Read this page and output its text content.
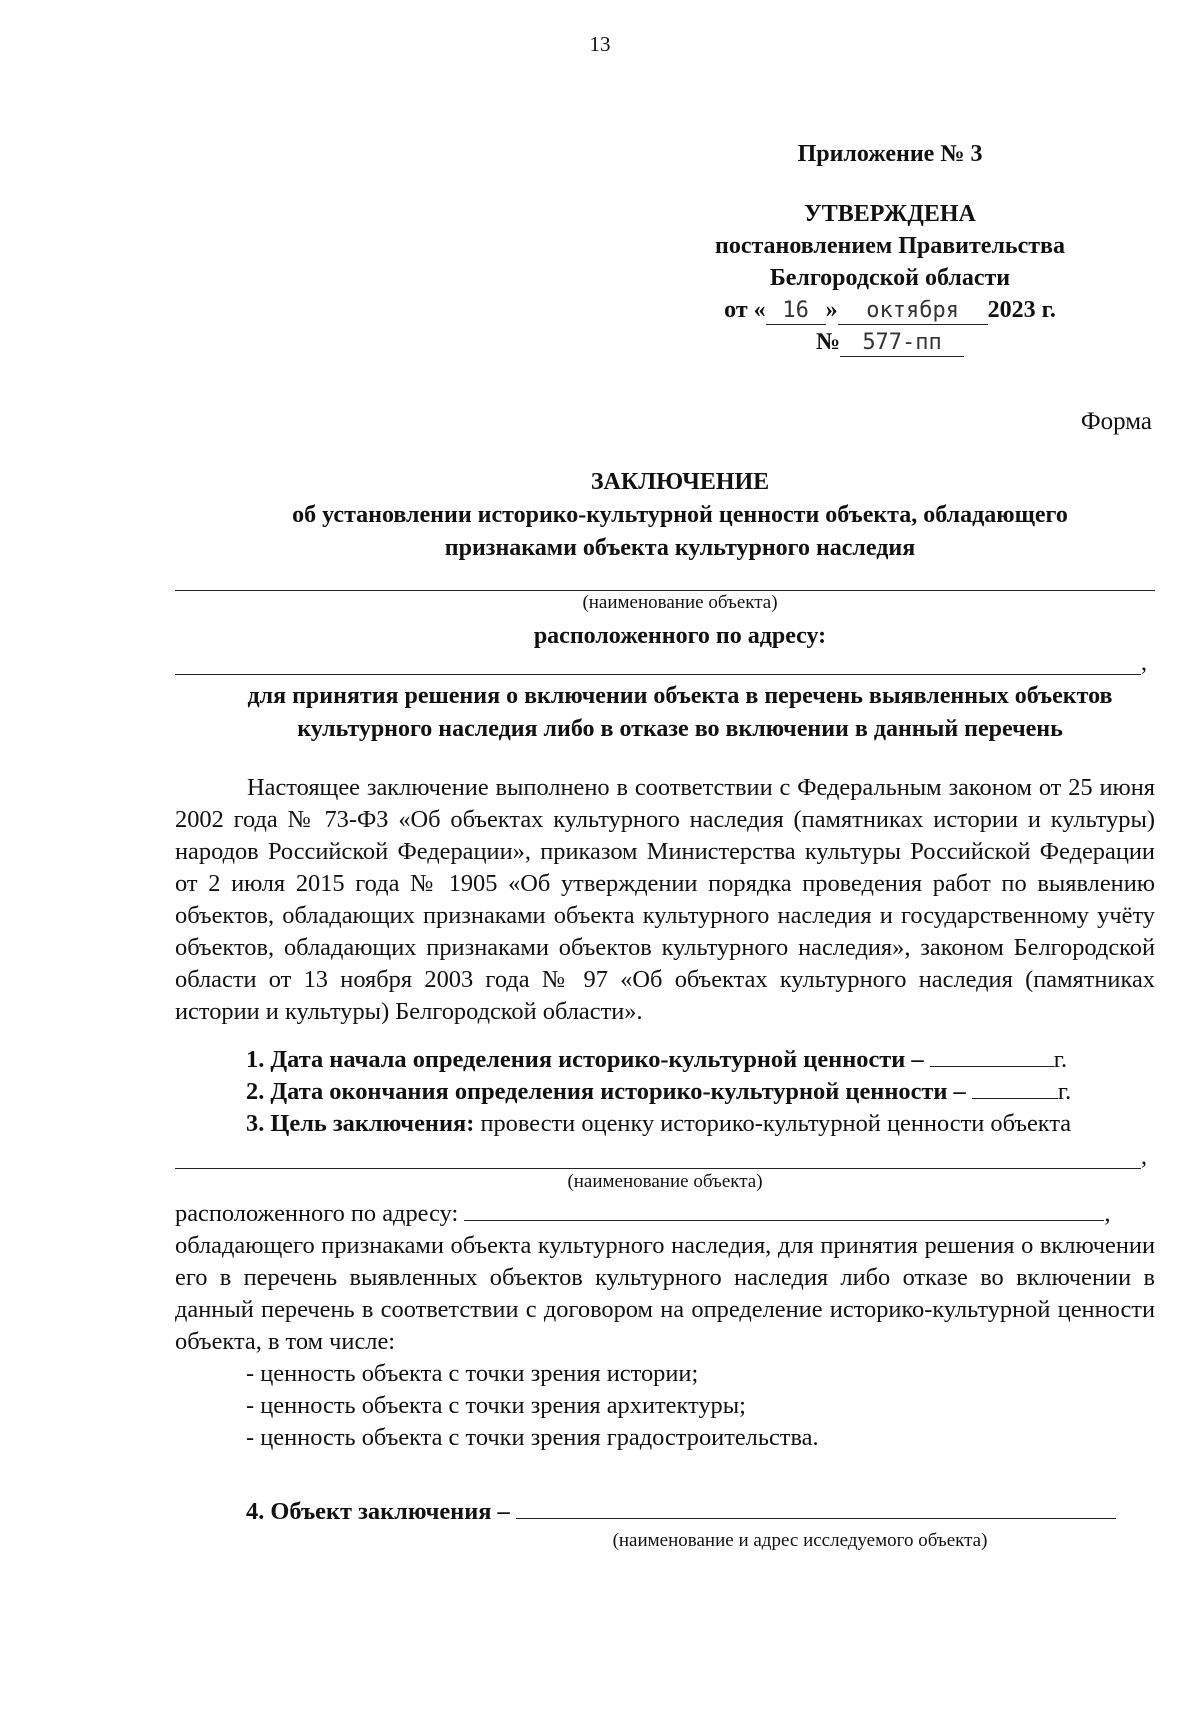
13
Приложение № 3
УТВЕРЖДЕНА
постановлением Правительства
Белгородской области
от « 16 » октября 2023 г.
№ 577-пп
Форма
ЗАКЛЮЧЕНИЕ
об установлении историко-культурной ценности объекта, обладающего
признаками объекта культурного наследия
(наименование объекта)
расположенного по адресу:
,
для принятия решения о включении объекта в перечень выявленных объектов
культурного наследия либо в отказе во включении в данный перечень

Настоящее заключение выполнено в соответствии с Федеральным законом от 25 июня 2002 года № 73-ФЗ «Об объектах культурного наследия (памятниках истории и культуры) народов Российской Федерации», приказом Министерства культуры Российской Федерации от 2 июля 2015 года № 1905 «Об утверждении порядка проведения работ по выявлению объектов, обладающих признаками объекта культурного наследия и государственному учёту объектов, обладающих признаками объектов культурного наследия», законом Белгородской области от 13 ноября 2003 года № 97 «Об объектах культурного наследия (памятниках истории и культуры) Белгородской области».

1. Дата начала определения историко-культурной ценности –	г.
2. Дата окончания определения историко-культурной ценности –	г.
3. Цель заключения: провести оценку историко-культурной ценности объекта
,
(наименование объекта)
расположенного по адресу:	,

обладающего признаками объекта культурного наследия, для принятия решения о включении его в перечень выявленных объектов культурного наследия либо отказе во включении в данный перечень в соответствии с договором на определение историко-культурной ценности объекта, в том числе:

- ценность объекта с точки зрения истории;
- ценность объекта с точки зрения архитектуры;
- ценность объекта с точки зрения градостроительства.
4. Объект заключения –
(наименование и адрес исследуемого объекта)
